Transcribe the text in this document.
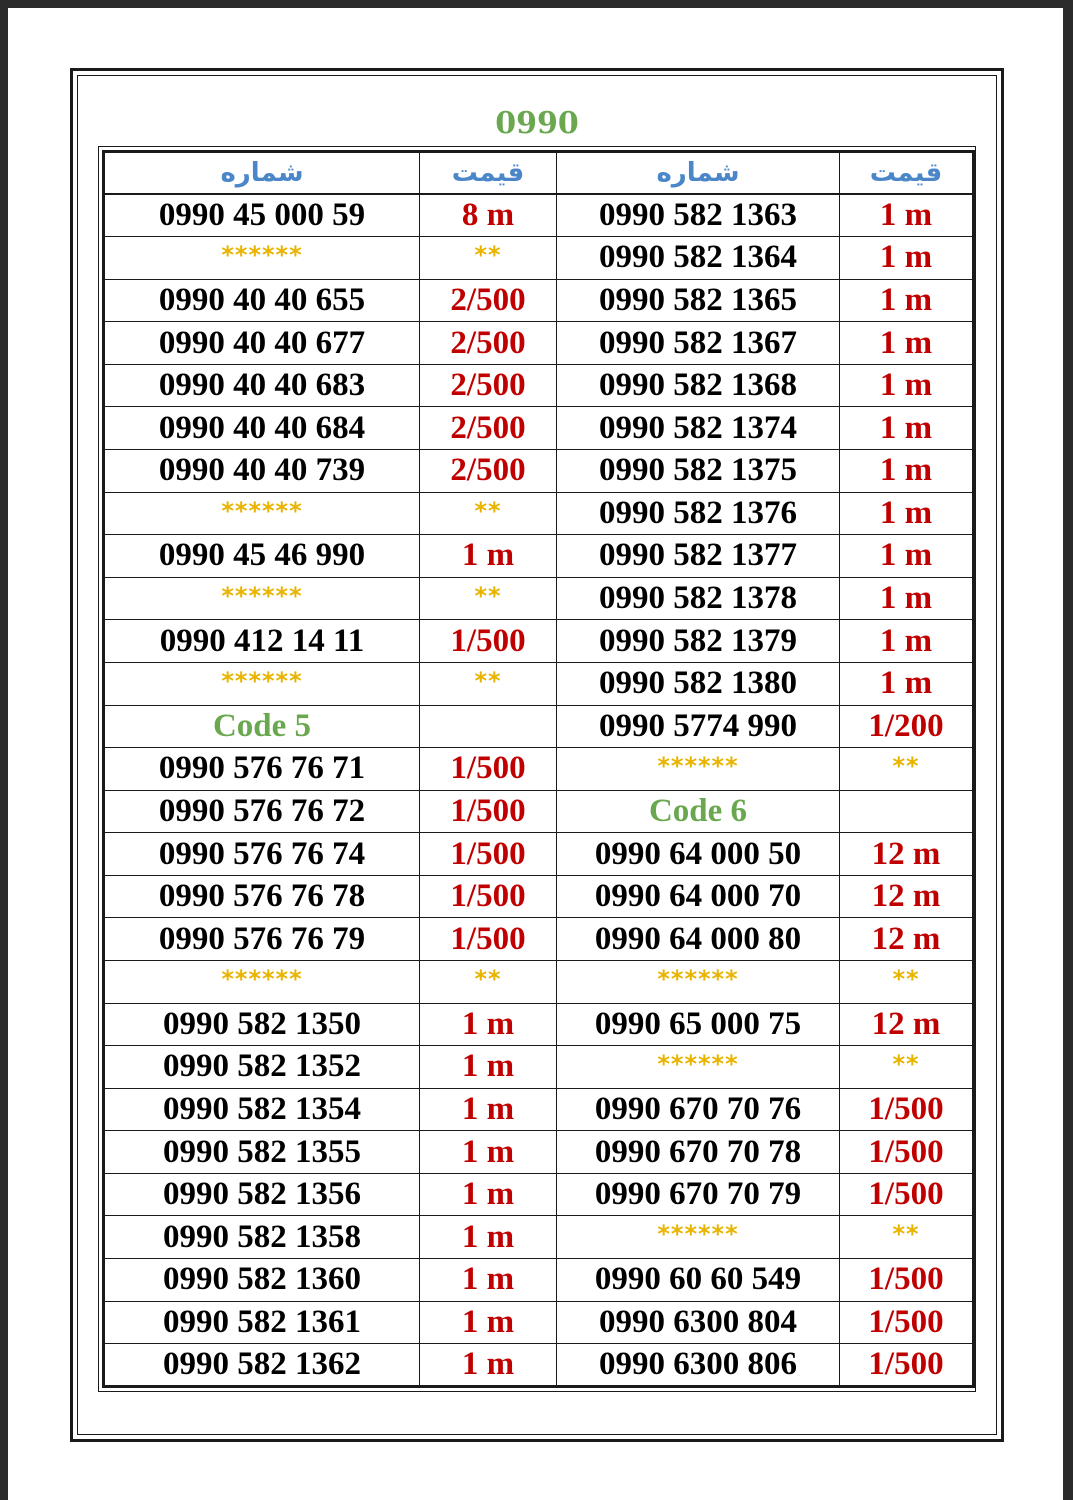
0990
شماره	قیمت	شماره	قیمت
0990 45 000 59	8 m	0990 582 1363	1 m
******	**	0990 582 1364	1 m
0990 40 40 655	2/500	0990 582 1365	1 m
0990 40 40 677	2/500	0990 582 1367	1 m
0990 40 40 683	2/500	0990 582 1368	1 m
0990 40 40 684	2/500	0990 582 1374	1 m
0990 40 40 739	2/500	0990 582 1375	1 m
******	**	0990 582 1376	1 m
0990 45 46 990	1 m	0990 582 1377	1 m
******	**	0990 582 1378	1 m
0990 412 14 11	1/500	0990 582 1379	1 m
******	**	0990 582 1380	1 m
Code 5		0990 5774 990	1/200
0990 576 76 71	1/500	******	**
0990 576 76 72	1/500	Code 6	
0990 576 76 74	1/500	0990 64 000 50	12 m
0990 576 76 78	1/500	0990 64 000 70	12 m
0990 576 76 79	1/500	0990 64 000 80	12 m
******	**	******	**
0990 582 1350	1 m	0990 65 000 75	12 m
0990 582 1352	1 m	******	**
0990 582 1354	1 m	0990 670 70 76	1/500
0990 582 1355	1 m	0990 670 70 78	1/500
0990 582 1356	1 m	0990 670 70 79	1/500
0990 582 1358	1 m	******	**
0990 582 1360	1 m	0990 60 60 549	1/500
0990 582 1361	1 m	0990 6300 804	1/500
0990 582 1362	1 m	0990 6300 806	1/500
